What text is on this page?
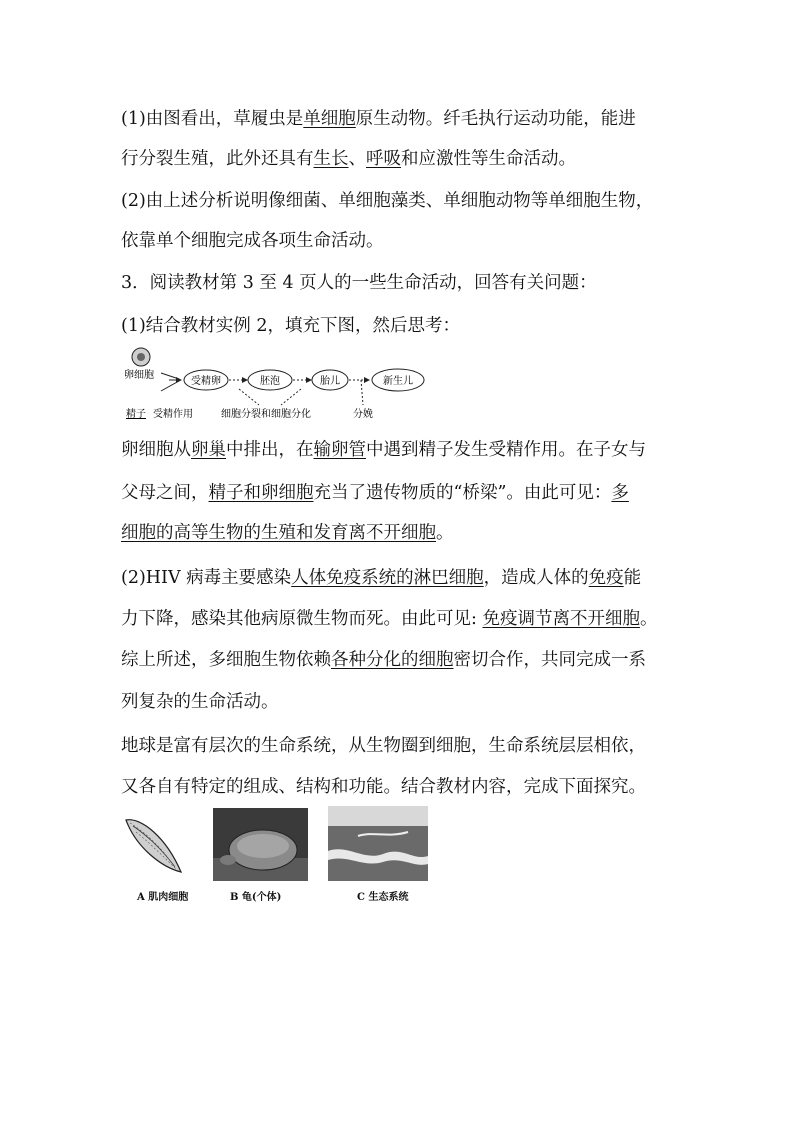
(1)由图看出，草履虫是单细胞原生动物。纤毛执行运动功能，能进
行分裂生殖，此外还具有生长、呼吸和应激性等生命活动。
(2)由上述分析说明像细菌、单细胞藻类、单细胞动物等单细胞生物，
依靠单个细胞完成各项生命活动。
3．阅读教材第 3 至 4 页人的一些生命活动，回答有关问题：
(1)结合教材实例 2，填充下图，然后思考：
卵细胞
受精卵	胚泡	胎儿	新生儿
精子 受精作用	细胞分裂和细胞分化	分娩
卵细胞从卵巢中排出，在输卵管中遇到精子发生受精作用。在子女与
父母之间，精子和卵细胞充当了遗传物质的“桥梁”。由此可见：多
细胞的高等生物的生殖和发育离不开细胞。
(2)HIV 病毒主要感染人体免疫系统的淋巴细胞，造成人体的免疫能
力下降，感染其他病原微生物而死。由此可见: 免疫调节离不开细胞。
综上所述，多细胞生物依赖各种分化的细胞密切合作，共同完成一系
列复杂的生命活动。
地球是富有层次的生命系统，从生物圈到细胞，生命系统层层相依，
又各自有特定的组成、结构和功能。结合教材内容，完成下面探究。
A 肌肉细胞	B 龟(个体)	C 生态系统
